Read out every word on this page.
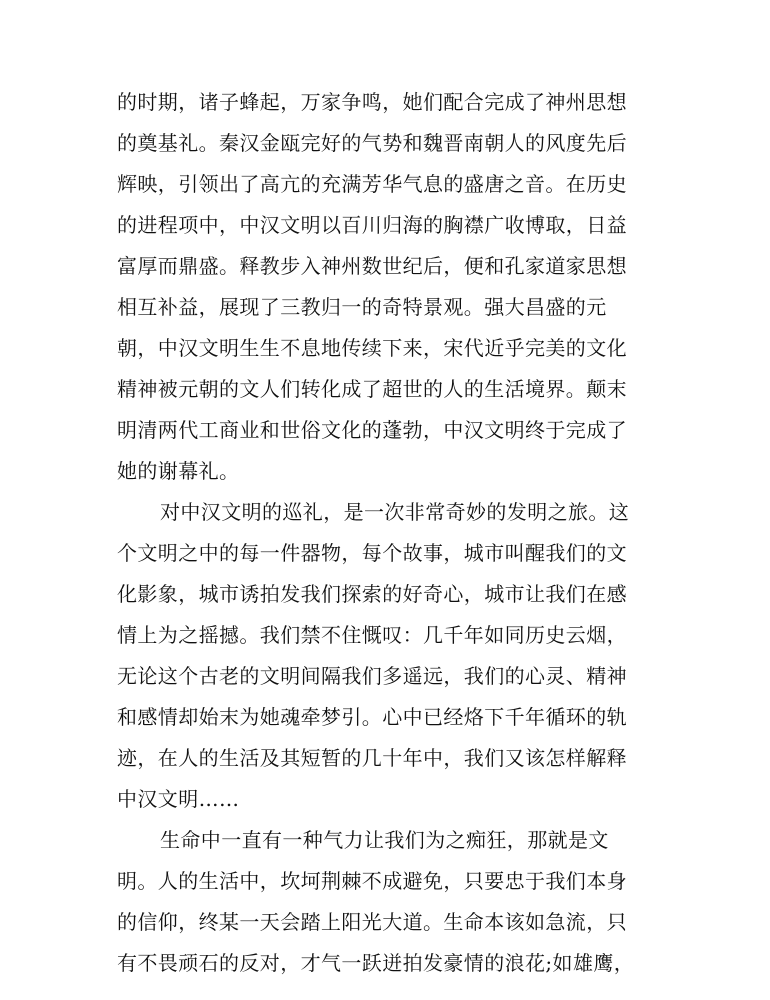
的时期，诸子蜂起，万家争鸣，她们配合完成了神州思想
的奠基礼。秦汉金瓯完好的气势和魏晋南朝人的风度先后
辉映，引领出了高亢的充满芳华气息的盛唐之音。在历史
的进程项中，中汉文明以百川归海的胸襟广收博取，日益
富厚而鼎盛。释教步入神州数世纪后，便和孔家道家思想
相互补益，展现了三教归一的奇特景观。强大昌盛的元
朝，中汉文明生生不息地传续下来，宋代近乎完美的文化
精神被元朝的文人们转化成了超世的人的生活境界。颠末
明清两代工商业和世俗文化的蓬勃，中汉文明终于完成了
她的谢幕礼。
对中汉文明的巡礼，是一次非常奇妙的发明之旅。这
个文明之中的每一件器物，每个故事，城市叫醒我们的文
化影象，城市诱拍发我们探索的好奇心，城市让我们在感
情上为之摇撼。我们禁不住慨叹：几千年如同历史云烟，
无论这个古老的文明间隔我们多遥远，我们的心灵、精神
和感情却始末为她魂牵梦引。心中已经烙下千年循环的轨
迹，在人的生活及其短暂的几十年中，我们又该怎样解释
中汉文明……
生命中一直有一种气力让我们为之痴狂，那就是文
明。人的生活中，坎坷荆棘不成避免，只要忠于我们本身
的信仰，终某一天会踏上阳光大道。生命本该如急流，只
有不畏顽石的反对，才气一跃迸拍发豪情的浪花;如雄鹰，
